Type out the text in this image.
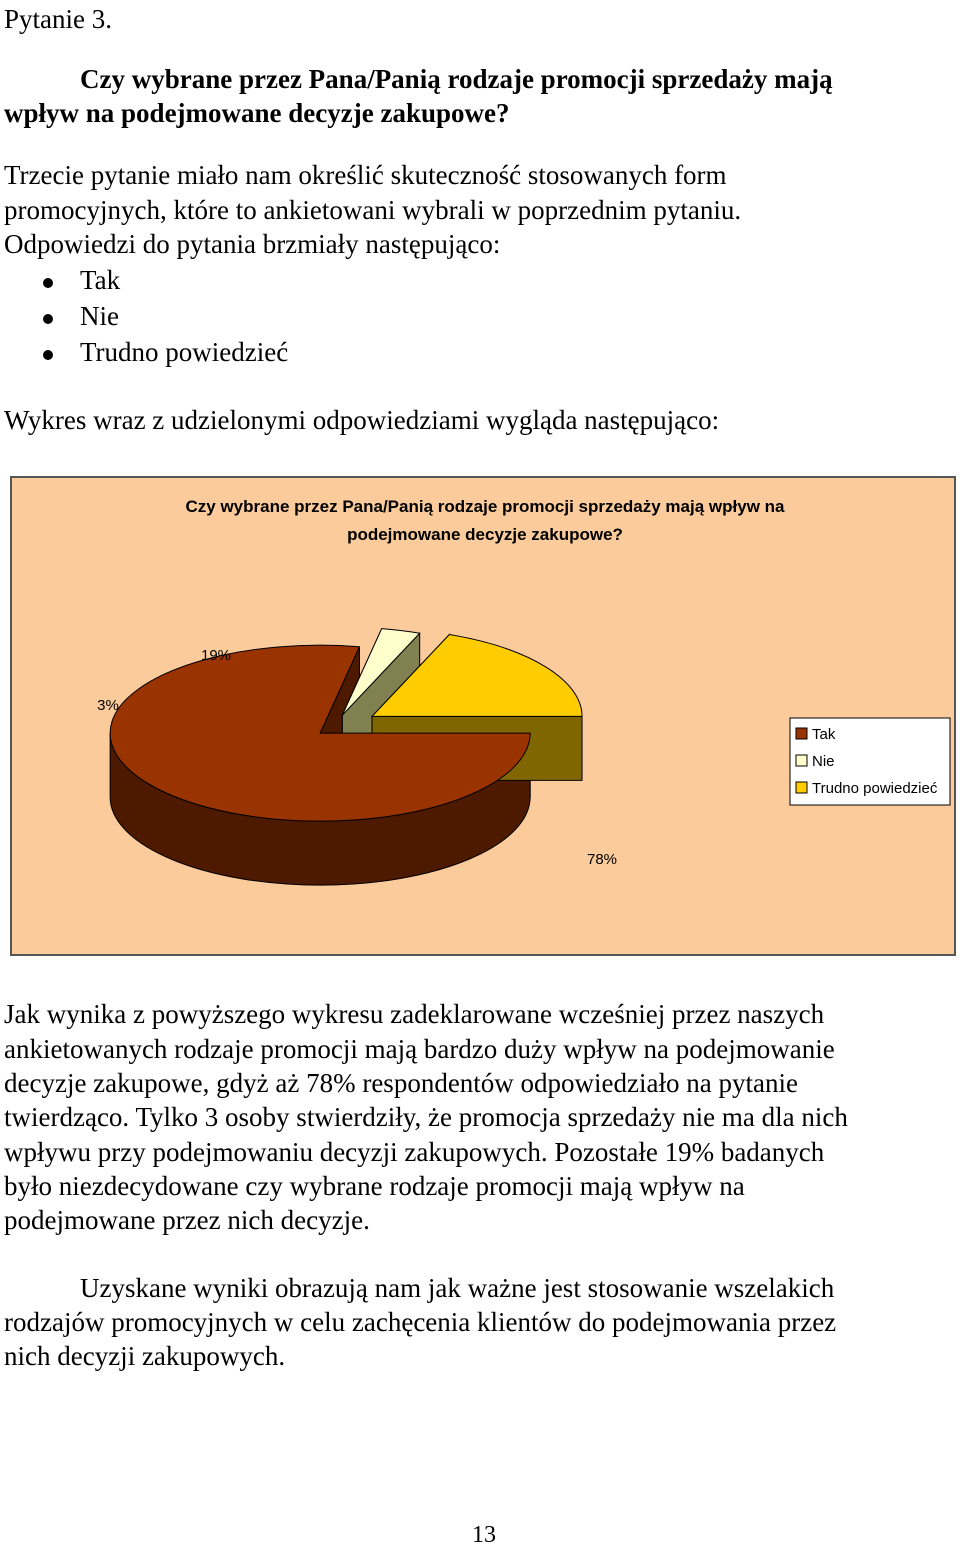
Pytanie 3.

Czy wybrane przez Pana/Panią rodzaje promocji sprzedaży mają

wpływ na podejmowane decyzje zakupowe?

Trzecie pytanie miało nam określić skuteczność stosowanych form

promocyjnych, które to ankietowani wybrali w poprzednim pytaniu.

Odpowiedzi do pytania brzmiały następująco:

Tak
Nie
Trudno powiedzieć

Wykres wraz z udzielonymi odpowiedziami wygląda następująco:

Czy wybrane przez Pana/Panią rodzaje promocji sprzedaży mają wpływ na
podejmowane decyzje zakupowe?
78%
3%
19%
Tak
Nie
Trudno powiedzieć

Jak wynika z powyższego wykresu zadeklarowane wcześniej przez naszych

ankietowanych rodzaje promocji mają bardzo duży wpływ na podejmowanie

decyzje zakupowe, gdyż aż 78% respondentów odpowiedziało na pytanie

twierdząco. Tylko 3 osoby stwierdziły, że promocja sprzedaży nie ma dla nich

wpływu przy podejmowaniu decyzji zakupowych. Pozostałe 19% badanych

było niezdecydowane czy wybrane rodzaje promocji mają wpływ na

podejmowane przez nich decyzje.

Uzyskane wyniki obrazują nam jak ważne jest stosowanie wszelakich

rodzajów promocyjnych w celu zachęcenia klientów do podejmowania przez

nich decyzji zakupowych.

13
